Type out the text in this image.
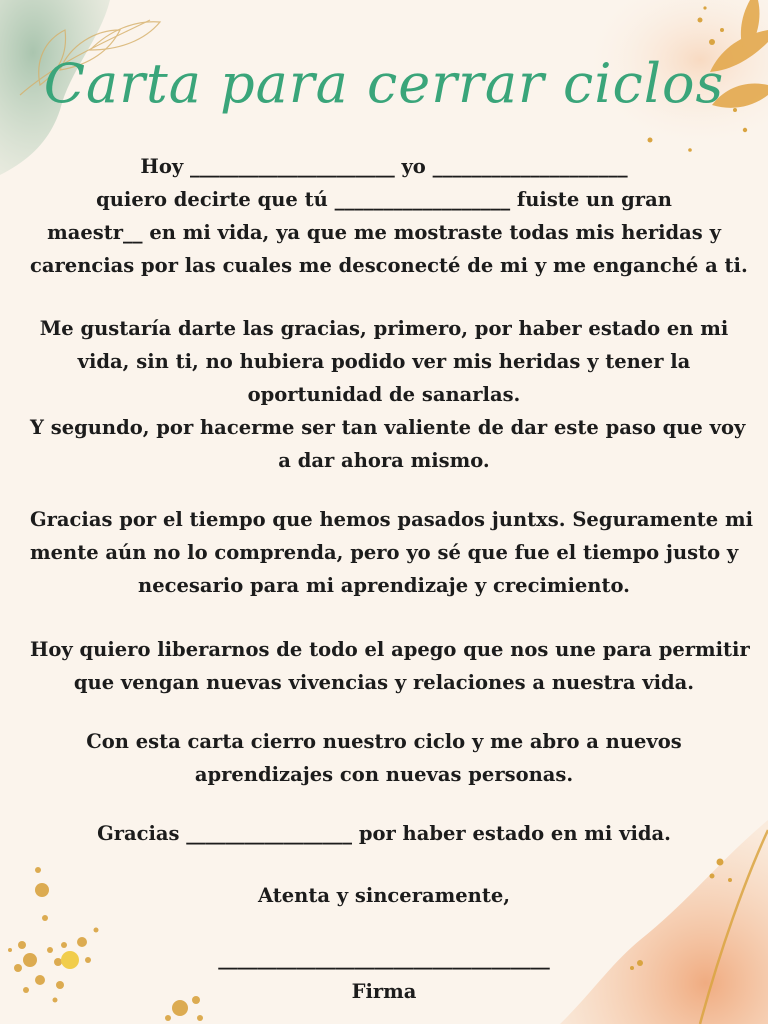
Carta para cerrar ciclos
Hoy _____________________ yo ____________________
quiero decirte que tú __________________ fuiste un gran
maestr__ en mi vida, ya que me mostraste todas mis heridas y
carencias por las cuales me desconecté de mi y me enganché a ti.
Me gustaría darte las gracias, primero, por haber estado en mi
vida, sin ti, no hubiera podido ver mis heridas y tener la
oportunidad de sanarlas.
Y segundo, por hacerme ser tan valiente de dar este paso que voy
a dar ahora mismo.
Gracias por el tiempo que hemos pasados juntxs. Seguramente mi
mente aún no lo comprenda, pero yo sé que fue el tiempo justo y
necesario para mi aprendizaje y crecimiento.
Hoy quiero liberarnos de todo el apego que nos une para permitir
que vengan nuevas vivencias y relaciones a nuestra vida.
Con esta carta cierro nuestro ciclo y me abro a nuevos
aprendizajes con nuevas personas.
Gracias _________________ por haber estado en mi vida.
Atenta y sinceramente,
__________________________________
Firma
